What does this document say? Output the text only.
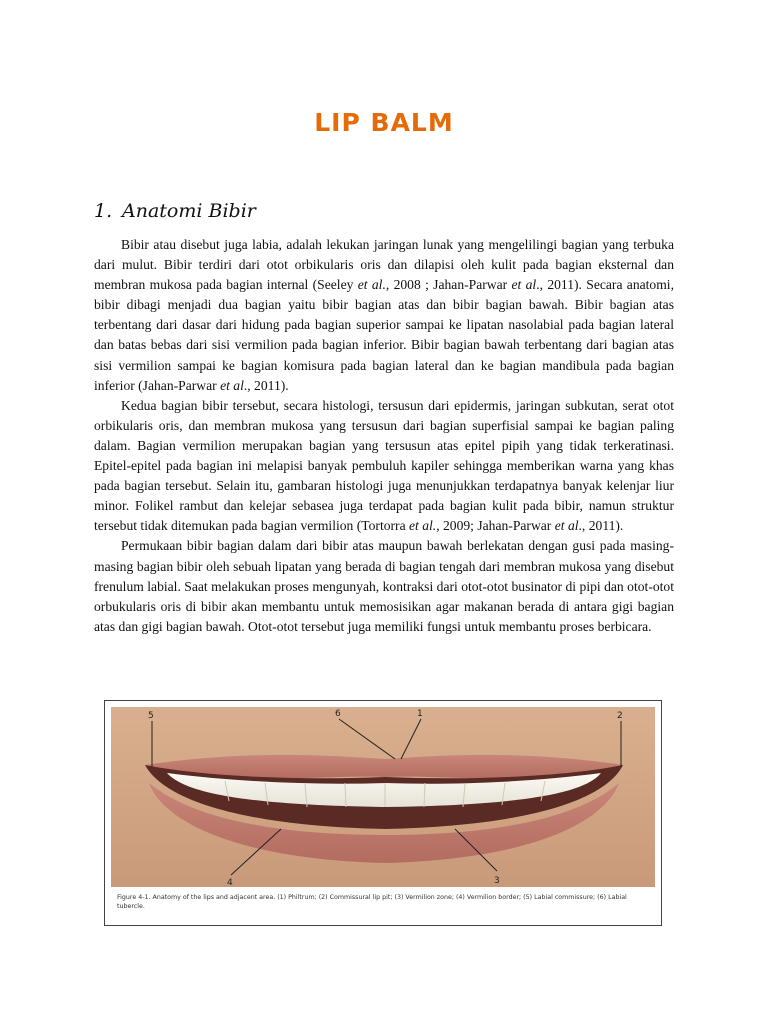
LIP BALM
1. Anatomi Bibir

Bibir atau disebut juga labia, adalah lekukan jaringan lunak yang mengelilingi bagian yang terbuka dari mulut. Bibir terdiri dari otot orbikularis oris dan dilapisi oleh kulit pada bagian eksternal dan membran mukosa pada bagian internal (Seeley et al., 2008 ; Jahan-Parwar et al., 2011). Secara anatomi, bibir dibagi menjadi dua bagian yaitu bibir bagian atas dan bibir bagian bawah. Bibir bagian atas terbentang dari dasar dari hidung pada bagian superior sampai ke lipatan nasolabial pada bagian lateral dan batas bebas dari sisi vermilion pada bagian inferior. Bibir bagian bawah terbentang dari bagian atas sisi vermilion sampai ke bagian komisura pada bagian lateral dan ke bagian mandibula pada bagian inferior (Jahan-Parwar et al., 2011).

Kedua bagian bibir tersebut, secara histologi, tersusun dari epidermis, jaringan subkutan, serat otot orbikularis oris, dan membran mukosa yang tersusun dari bagian superfisial sampai ke bagian paling dalam. Bagian vermilion merupakan bagian yang tersusun atas epitel pipih yang tidak terkeratinasi. Epitel-epitel pada bagian ini melapisi banyak pembuluh kapiler sehingga memberikan warna yang khas pada bagian tersebut. Selain itu, gambaran histologi juga menunjukkan terdapatnya banyak kelenjar liur minor. Folikel rambut dan kelejar sebasea juga terdapat pada bagian kulit pada bibir, namun struktur tersebut tidak ditemukan pada bagian vermilion (Tortorra et al., 2009; Jahan-Parwar et al., 2011).

Permukaan bibir bagian dalam dari bibir atas maupun bawah berlekatan dengan gusi pada masing-masing bagian bibir oleh sebuah lipatan yang berada di bagian tengah dari membran mukosa yang disebut frenulum labial. Saat melakukan proses mengunyah, kontraksi dari otot-otot businator di pipi dan otot-otot orbukularis oris di bibir akan membantu untuk memosisikan agar makanan berada di antara gigi bagian atas dan gigi bagian bawah. Otot-otot tersebut juga memiliki fungsi untuk membantu proses berbicara.

1	2
3
4
5	6
Figure 4-1. Anatomy of the lips and adjacent area. (1) Philtrum; (2) Commissural lip pit; (3) Vermilion zone; (4) Vermilion border; (5) Labial commissure; (6) Labial tubercle.
